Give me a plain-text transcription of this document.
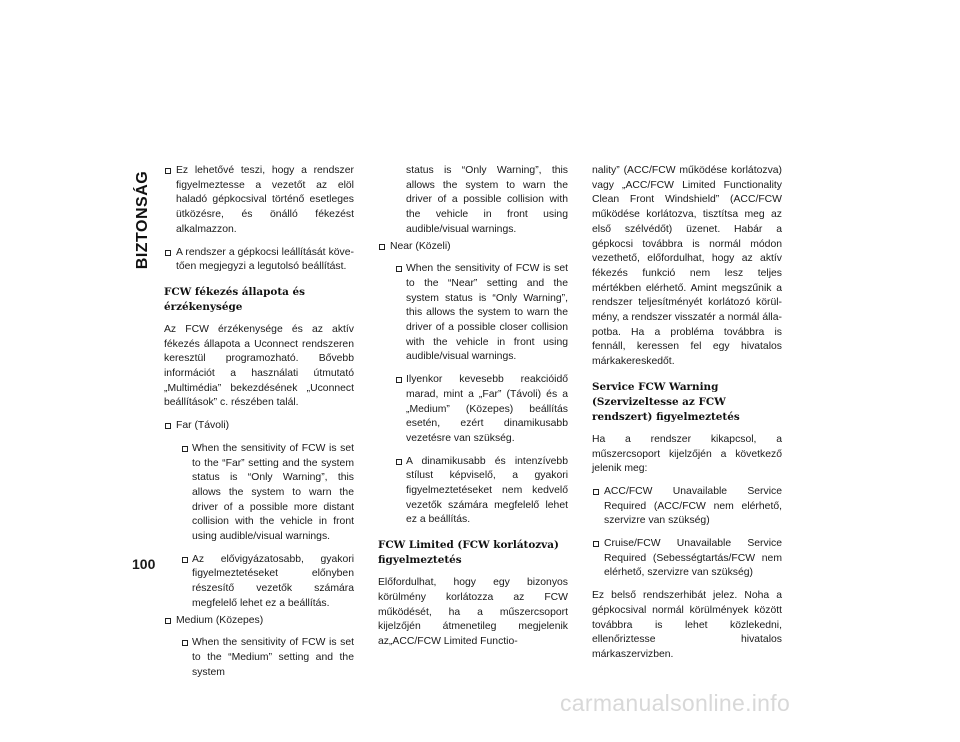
BIZTONSÁG
100
Ez lehetővé teszi, hogy a rendszer figyelmeztesse a vezetőt az elöl haladó gépkocsival történő esetleges ütközésre, és önálló fékezést alkalmazzon.
A rendszer a gépkocsi leállítását követően megjegyzi a legutolsó beállítást.
FCW fékezés állapota és érzékenysége
Az FCW érzékenysége és az aktív fékezés állapota a Uconnect rendszeren keresztül programozható. Bővebb információt a használati útmutató „Multimédia” bekezdésének „Uconnect beállítások” c. részében talál.
Far (Távoli)
When the sensitivity of FCW is set to the “Far” setting and the system status is “Only Warning”, this allows the system to warn the driver of a possible more distant collision with the vehicle in front using audible/visual warnings.
Az elővigyázatosabb, gyakori figyelmeztetéseket előnyben részesítő vezetők számára megfelelő lehet ez a beállítás.
Medium (Közepes)
When the sensitivity of FCW is set to the “Medium” setting and the system
status is “Only Warning”, this allows the system to warn the driver of a possible collision with the vehicle in front using audible/visual warnings.
Near (Közeli)
When the sensitivity of FCW is set to the “Near” setting and the system status is “Only Warning”, this allows the system to warn the driver of a possible closer collision with the vehicle in front using audible/visual warnings.
Ilyenkor kevesebb reakcióidő marad, mint a „Far” (Távoli) és a „Medium” (Közepes) beállítás esetén, ezért dinamikusabb vezetésre van szükség.
A dinamikusabb és intenzívebb stílust képviselő, a gyakori figyelmeztetéseket nem kedvelő vezetők számára megfelelő lehet ez a beállítás.
FCW Limited (FCW korlátozva) figyelmeztetés
Előfordulhat, hogy egy bizonyos körülmény korlátozza az FCW működését, ha a műszercsoport kijelzőjén átmenetileg megjelenik az„ACC/FCW Limited Functio-
nality” (ACC/FCW működése korlátozva) vagy „ACC/FCW Limited Functionality Clean Front Windshield” (ACC/FCW működése korlátozva, tisztítsa meg az első szélvédőt) üzenet. Habár a gépkocsi továbbra is normál módon vezethető, előfordulhat, hogy az aktív fékezés funkció nem lesz teljes mértékben elérhető. Amint megszűnik a rendszer teljesítményét korlátozó körülmény, a rendszer visszatér a normál állapotba. Ha a probléma továbbra is fennáll, keressen fel egy hivatalos márkakereskedőt.
Service FCW Warning (Szervizeltesse az FCW rendszert) figyelmeztetés
Ha a rendszer kikapcsol, a műszercsoport kijelzőjén a következő jelenik meg:
ACC/FCW Unavailable Service Required (ACC/FCW nem elérhető, szervizre van szükség)
Cruise/FCW Unavailable Service Required (Sebességtartás/FCW nem elérhető, szervizre van szükség)
Ez belső rendszerhibát jelez. Noha a gépkocsival normál körülmények között továbbra is lehet közlekedni, ellenőriztesse hivatalos márkaszervizben.
carmanualsonline.info
